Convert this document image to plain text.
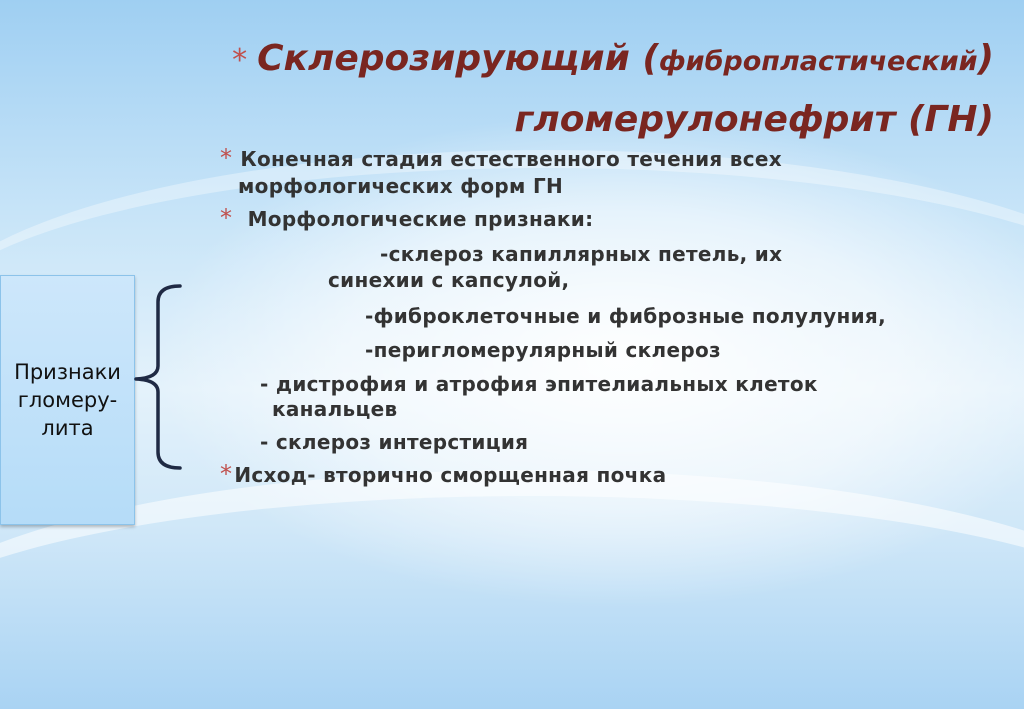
* Склерозирующий (фибропластический)
гломерулонефрит (ГН)
* Конечная стадия естественного течения всех
морфологических форм ГН
* Морфологические признаки:
-склероз капиллярных петель, их
синехии с капсулой,
-фиброклеточные и фиброзные полулуния,
-перигломерулярный склероз
- дистрофия и атрофия эпителиальных клеток
канальцев
- склероз интерстиция
* Исход- вторично сморщенная почка
Признаки
гломеру-
лита
